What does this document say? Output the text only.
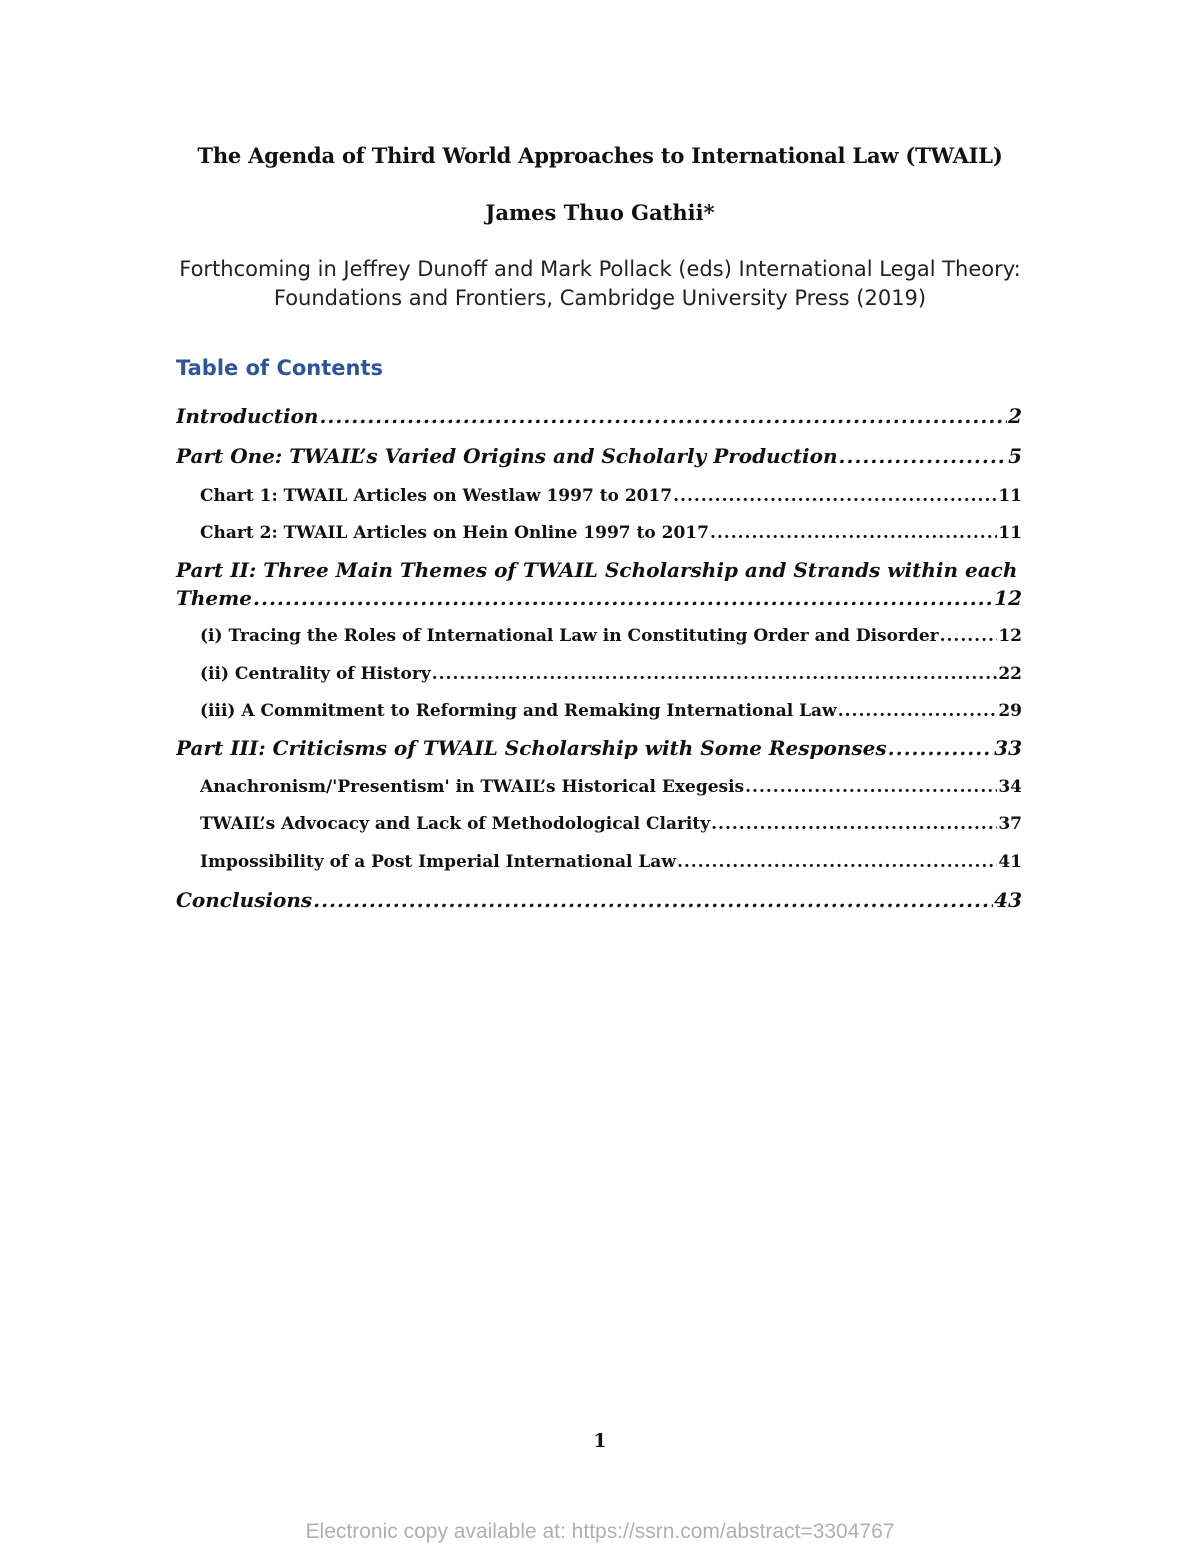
The Agenda of Third World Approaches to International Law (TWAIL)
James Thuo Gathii*
Forthcoming in Jeffrey Dunoff and Mark Pollack (eds) International Legal Theory:
Foundations and Frontiers, Cambridge University Press (2019)
Table of Contents
Introduction .....	2
Part One: TWAIL’s Varied Origins and Scholarly Production .....	5
Chart 1: TWAIL Articles on Westlaw 1997 to 2017 .....	11
Chart 2: TWAIL Articles on Hein Online 1997 to 2017 .....	11
Part II: Three Main Themes of TWAIL Scholarship and Strands within each
Theme .....	12
(i) Tracing the Roles of International Law in Constituting Order and Disorder .....	12
(ii) Centrality of History .....	22
(iii) A Commitment to Reforming and Remaking International Law .....	29
Part III: Criticisms of TWAIL Scholarship with Some Responses .....	33
Anachronism/'Presentism' in TWAIL’s Historical Exegesis .....	34
TWAIL’s Advocacy and Lack of Methodological Clarity .....	37
Impossibility of a Post Imperial International Law .....	41
Conclusions .....	43
1
Electronic copy available at: https://ssrn.com/abstract=3304767
